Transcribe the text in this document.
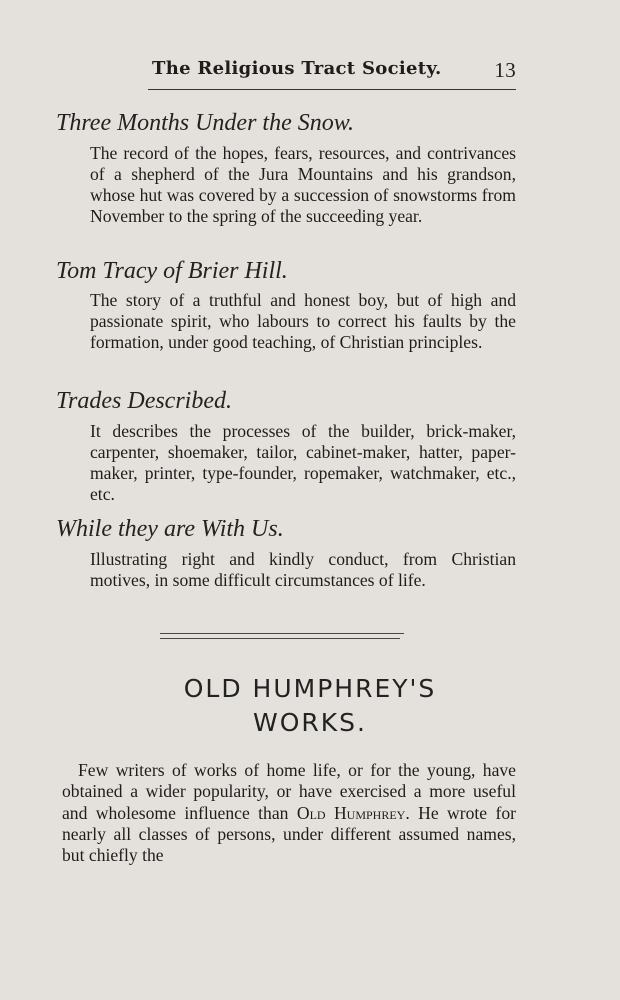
The Religious Tract Society.	13
Three Months Under the Snow.
The record of the hopes, fears, resources, and contrivances of a shepherd of the Jura Mountains and his grandson, whose hut was covered by a succession of snowstorms from November to the spring of the succeeding year.
Tom Tracy of Brier Hill.
The story of a truthful and honest boy, but of high and passionate spirit, who labours to correct his faults by the formation, under good teaching, of Christian principles.
Trades Described.
It describes the processes of the builder, brick-maker, carpenter, shoemaker, tailor, cabinet-maker, hatter, paper-maker, printer, type-founder, ropemaker, watchmaker, etc., etc.
While they are With Us.
Illustrating right and kindly conduct, from Christian motives, in some difficult circumstances of life.
OLD HUMPHREY'S
WORKS.
Few writers of works of home life, or for the young, have obtained a wider popularity, or have exercised a more useful and wholesome influence than Old Humphrey. He wrote for nearly all classes of persons, under different assumed names, but chiefly the
